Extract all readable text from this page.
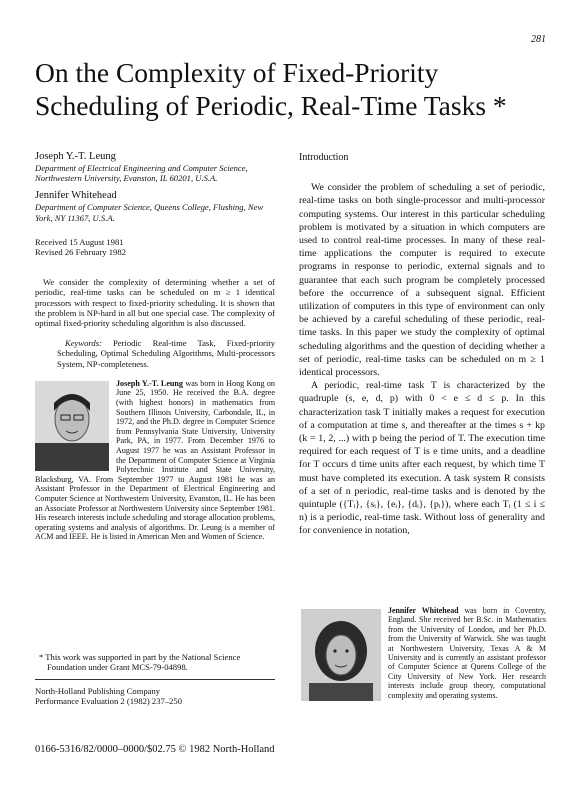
281
On the Complexity of Fixed-Priority
Scheduling of Periodic, Real-Time Tasks *

Joseph Y.-T. Leung

Department of Electrical Engineering and Computer Science, Northwestern University, Evanston, IL 60201, U.S.A.

Jennifer Whitehead

Department of Computer Science, Queens College, Flushing, New York, NY 11367, U.S.A.

Received 15 August 1981

Revised 26 February 1982

We consider the complexity of determining whether a set of periodic, real-time tasks can be scheduled on m ≥ 1 identical processors with respect to fixed-priority scheduling. It is shown that the problem is NP-hard in all but one special case. The complexity of optimal fixed-priority scheduling algorithm is also discussed.

Keywords: Periodic Real-time Task, Fixed-priority Scheduling, Optimal Scheduling Algorithms, Multi-processors System, NP-completeness.

Joseph Y.-T. Leung was born in Hong Kong on June 25, 1950. He received the B.A. degree (with highest honors) in mathematics from Southern Illinois University, Carbondale, IL, in 1972, and the Ph.D. degree in Computer Science from Pennsylvania State University, University Park, PA, in 1977. From December 1976 to August 1977 he was an Assistant Professor in the Department of Computer Science at Virginia Polytechnic Institute and State University, Blacksburg, VA. From September 1977 to August 1981 he was an Assistant Professor in the Department of Electrical Engineering and Computer Science at Northwestern University, Evanston, IL. He has been an Associate Professor at Northwestern University since September 1981. His research interests include scheduling and storage allocation problems, operating systems and analysis of algorithms. Dr. Leung is a member of ACM and IEEE. He is listed in American Men and Women of Science.

* This work was supported in part by the National Science Foundation under Grant MCS-79-04898.

North-Holland Publishing Company

Performance Evaluation 2 (1982) 237–250

Introduction

We consider the problem of scheduling a set of periodic, real-time tasks on both single-processor and multi-processor computing systems. Our interest in this particular scheduling problem is motivated by a situation in which computers are used to control real-time processes. In many of these real-time applications the computer is required to execute programs in response to periodic, external signals and to guarantee that each such program be completely processed before the occurrence of a subsequent signal. Efficient utilization of computers in this type of environment can only be achieved by a careful scheduling of these periodic, real-time tasks. In this paper we study the complexity of optimal scheduling algorithms and the question of deciding whether a set of periodic, real-time tasks can be scheduled on m ≥ 1 identical processors.

A periodic, real-time task T is characterized by the quadruple (s, e, d, p) with 0 < e ≤ d ≤ p. In this characterization task T initially makes a request for execution of a computation at time s, and thereafter at the times s + kp (k = 1, 2, ...) with p being the period of T. The execution time required for each request of T is e time units, and a deadline for T occurs d time units after each request, by which time T must have completed its execution. A task system R consists of a set of n periodic, real-time tasks and is denoted by the quintuple ({Tᵢ}, {sᵢ}, {eᵢ}, {dᵢ}, {pᵢ}), where each Tᵢ (1 ≤ i ≤ n) is a periodic, real-time task. Without loss of generality and for convenience in notation,

Jennifer Whitehead was born in Coventry, England. She received her B.Sc. in Mathematics from the University of London, and her Ph.D. from the University of Warwick. She was taught at Northwestern University, Texas A & M University and is currently an assistant professor of Computer Science at Queens College of the City University of New York. Her research interests include group theory, computational complexity and operating systems.
0166-5316/82/0000–0000/$02.75 © 1982 North-Holland
